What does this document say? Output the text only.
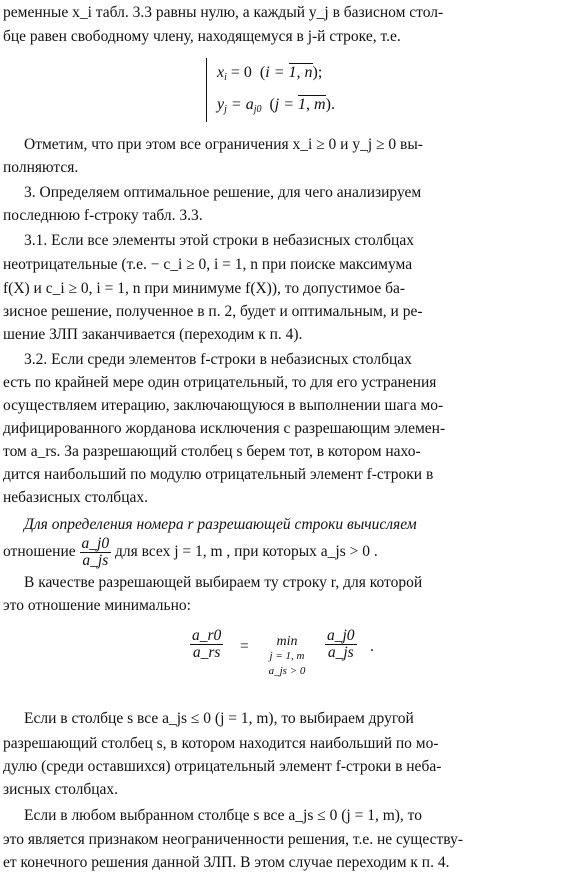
ременные x_i табл. 3.3 равны нулю, а каждый y_j в базисном стол-
бце равен свободному члену, находящемуся в j-й строке, т.е.
$x_i = 0$  (i = 1, n);
$y_j = a_{j0}$  (j = 1, m).
Отметим, что при этом все ограничения x_i ≥ 0 и y_j ≥ 0 вы-
полняются.
3. Определяем оптимальное решение, для чего анализируем
последнюю f-строку табл. 3.3.
3.1. Если все элементы этой строки в небазисных столбцах
неотрицательные (т.е. − c_i ≥ 0, i = 1, n при поиске максимума
f(X) и c_i ≥ 0, i = 1, n при минимуме f(X)), то допустимое ба-
зисное решение, полученное в п. 2, будет и оптимальным, и ре-
шение ЗЛП заканчивается (переходим к п. 4).
3.2. Если среди элементов f-строки в небазисных столбцах
есть по крайней мере один отрицательный, то для его устранения
осуществляем итерацию, заключающуюся в выполнении шага мо-
дифицированного жорданова исключения с разрешающим элемен-
том a_rs. За разрешающий столбец s берем тот, в котором нахо-
дится наибольший по модулю отрицательный элемент f-строки в
небазисных столбцах.
Для определения номера r разрешающей строки вычисляем
отношение $\frac{a\_j0}{a\_js}$ для всех j = 1, m , при которых a_js > 0 .
В качестве разрешающей выбираем ту строку r, для которой
это отношение минимально:
$\frac{a\_r0}{a\_rs}$ =	min
j = 1, m
a_js > 0
$\frac{a\_j0}{a\_js}$ .
Если в столбце s все a_js ≤ 0 (j = 1, m), то выбираем другой
разрешающий столбец s, в котором находится наибольший по мо-
дулю (среди оставшихся) отрицательный элемент f-строки в неба-
зисных столбцах.
Если в любом выбранном столбце s все a_js ≤ 0 (j = 1, m), то
это является признаком неограниченности решения, т.е. не существу-
ет конечного решения данной ЗЛП. В этом случае переходим к п. 4.
